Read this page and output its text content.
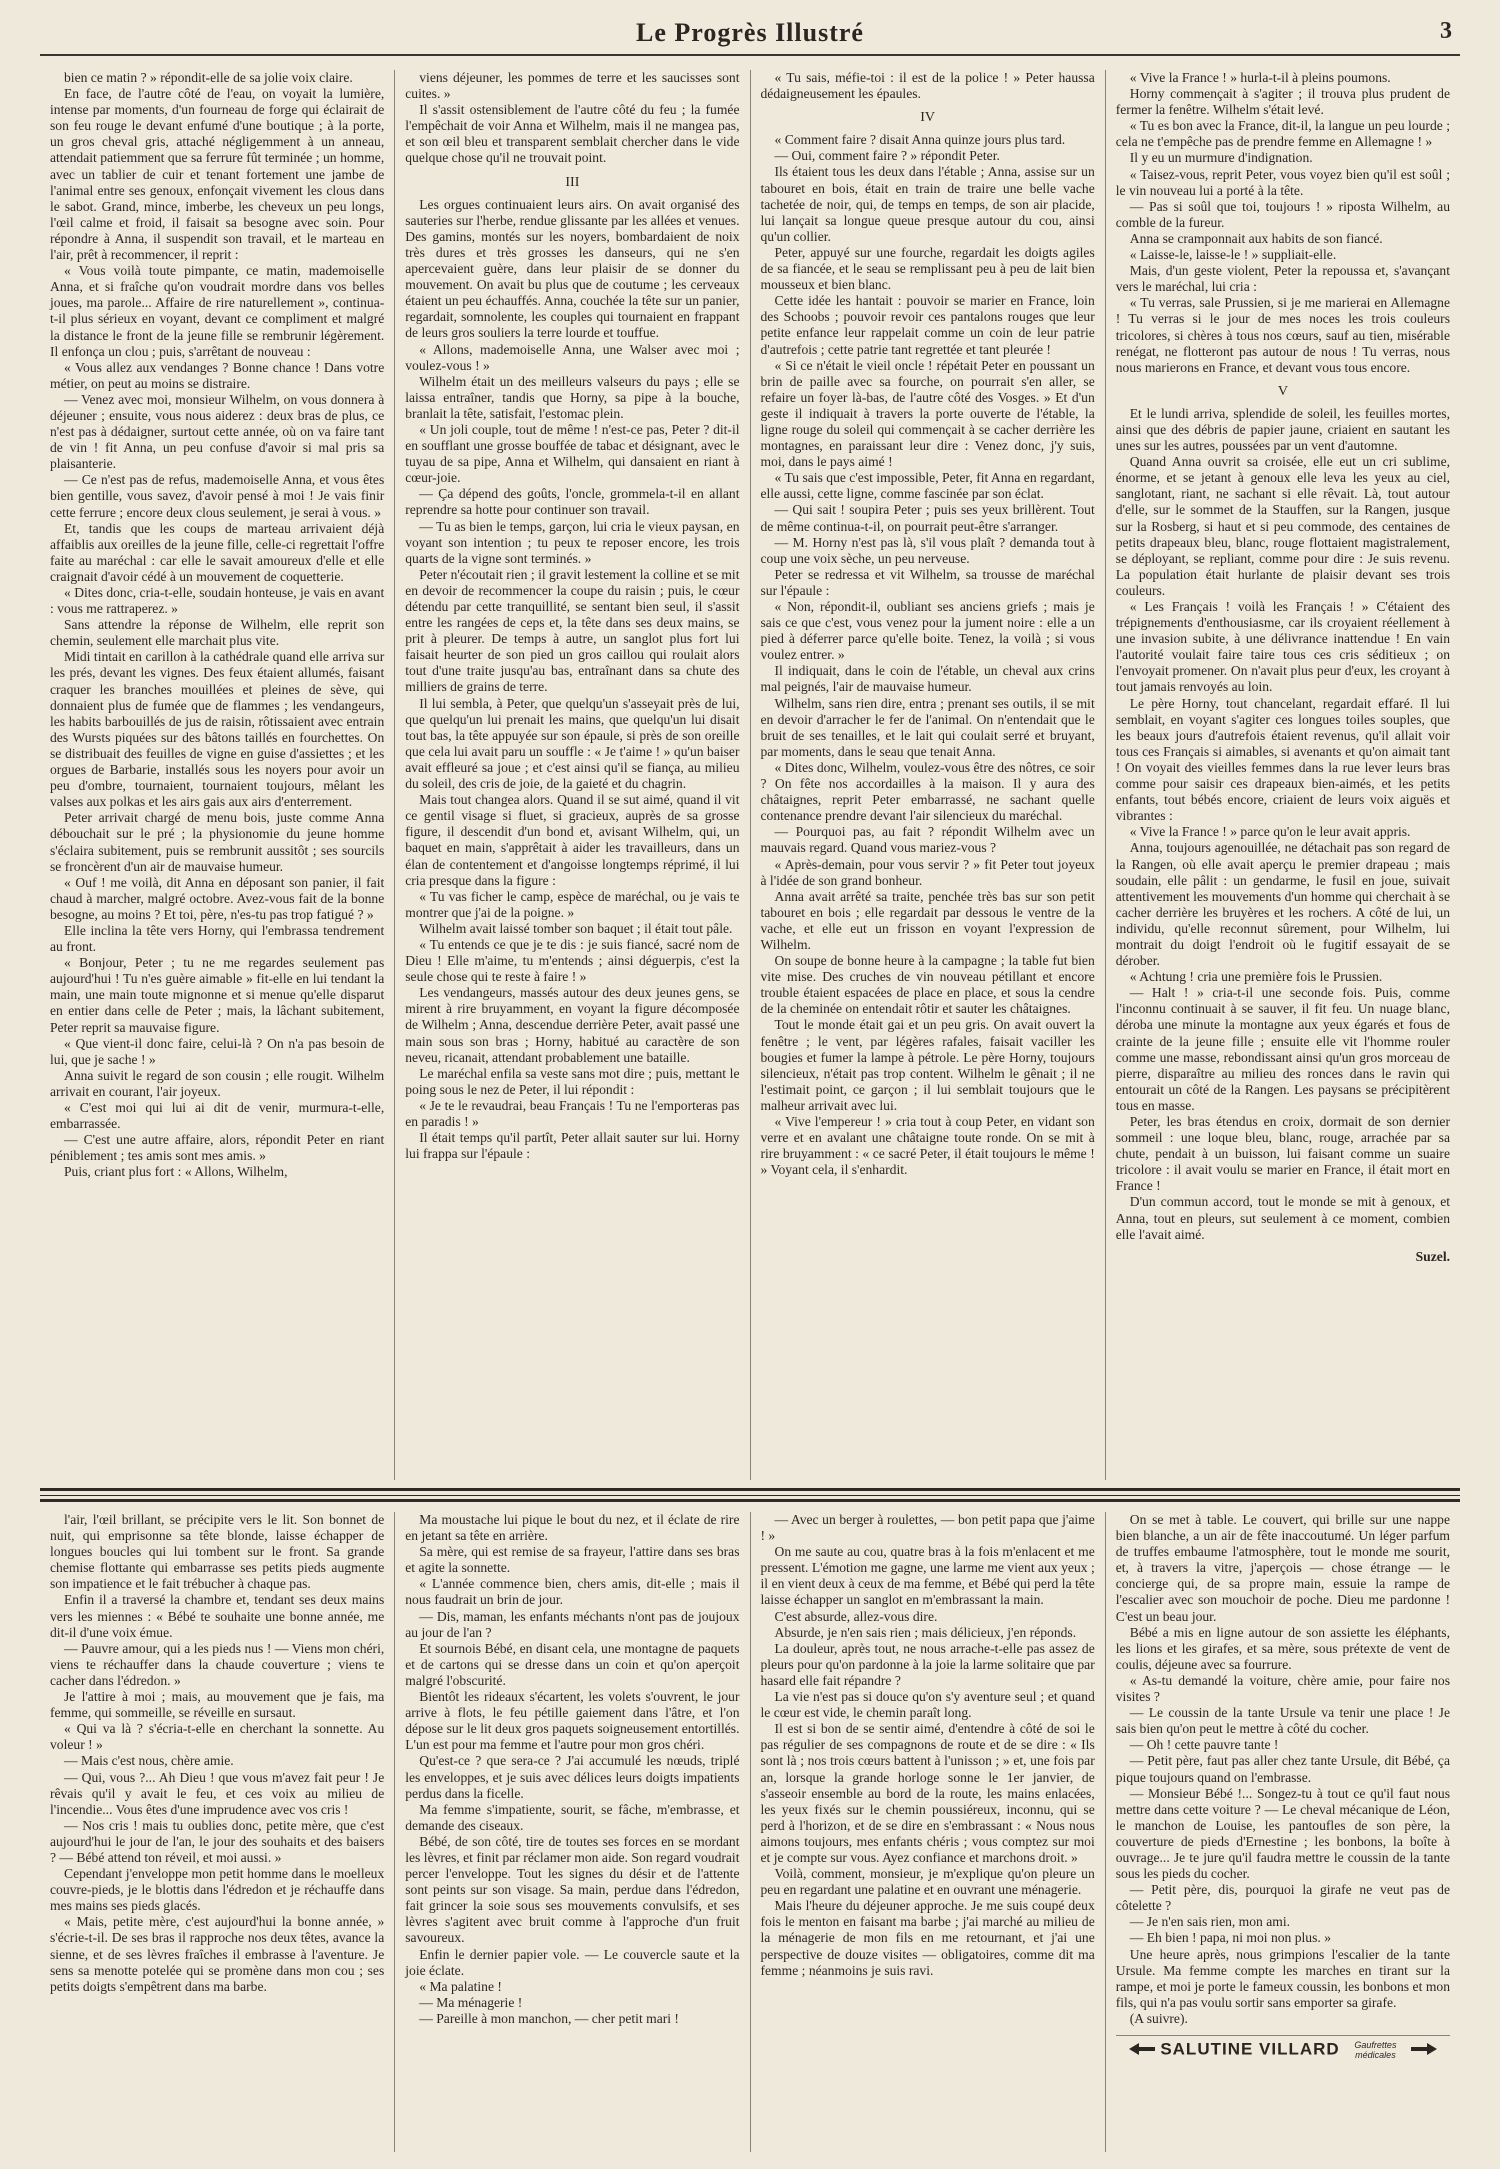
Le Progrès Illustré	3

bien ce matin ? » répondit-elle de sa jolie voix claire.

En face, de l'autre côté de l'eau, on voyait la lumière, intense par moments, d'un fourneau de forge qui éclairait de son feu rouge le devant enfumé d'une boutique ; à la porte, un gros cheval gris, attaché négligemment à un anneau, attendait patiemment que sa ferrure fût terminée ; un homme, avec un tablier de cuir et tenant fortement une jambe de l'animal entre ses genoux, enfonçait vivement les clous dans le sabot. Grand, mince, imberbe, les cheveux un peu longs, l'œil calme et froid, il faisait sa besogne avec soin. Pour répondre à Anna, il suspendit son travail, et le marteau en l'air, prêt à recommencer, il reprit :

« Vous voilà toute pimpante, ce matin, mademoiselle Anna, et si fraîche qu'on voudrait mordre dans vos belles joues, ma parole... Affaire de rire naturellement », continua-t-il plus sérieux en voyant, devant ce compliment et malgré la distance le front de la jeune fille se rembrunir légèrement. Il enfonça un clou ; puis, s'arrêtant de nouveau :

« Vous allez aux vendanges ? Bonne chance ! Dans votre métier, on peut au moins se distraire.

— Venez avec moi, monsieur Wilhelm, on vous donnera à déjeuner ; ensuite, vous nous aiderez : deux bras de plus, ce n'est pas à dédaigner, surtout cette année, où on va faire tant de vin ! fit Anna, un peu confuse d'avoir si mal pris sa plaisanterie.

— Ce n'est pas de refus, mademoiselle Anna, et vous êtes bien gentille, vous savez, d'avoir pensé à moi ! Je vais finir cette ferrure ; encore deux clous seulement, je serai à vous. »

Et, tandis que les coups de marteau arrivaient déjà affaiblis aux oreilles de la jeune fille, celle-ci regrettait l'offre faite au maréchal : car elle le savait amoureux d'elle et elle craignait d'avoir cédé à un mouvement de coquetterie.

« Dites donc, cria-t-elle, soudain honteuse, je vais en avant : vous me rattraperez. »

Sans attendre la réponse de Wilhelm, elle reprit son chemin, seulement elle marchait plus vite.

Midi tintait en carillon à la cathédrale quand elle arriva sur les prés, devant les vignes. Des feux étaient allumés, faisant craquer les branches mouillées et pleines de sève, qui donnaient plus de fumée que de flammes ; les vendangeurs, les habits barbouillés de jus de raisin, rôtissaient avec entrain des Wursts piquées sur des bâtons taillés en fourchettes. On se distribuait des feuilles de vigne en guise d'assiettes ; et les orgues de Barbarie, installés sous les noyers pour avoir un peu d'ombre, tournaient, tournaient toujours, mêlant les valses aux polkas et les airs gais aux airs d'enterrement.

Peter arrivait chargé de menu bois, juste comme Anna débouchait sur le pré ; la physionomie du jeune homme s'éclaira subitement, puis se rembrunit aussitôt ; ses sourcils se froncèrent d'un air de mauvaise humeur.

« Ouf ! me voilà, dit Anna en déposant son panier, il fait chaud à marcher, malgré octobre. Avez-vous fait de la bonne besogne, au moins ? Et toi, père, n'es-tu pas trop fatigué ? »

Elle inclina la tête vers Horny, qui l'embrassa tendrement au front.

« Bonjour, Peter ; tu ne me regardes seulement pas aujourd'hui ! Tu n'es guère aimable » fit-elle en lui tendant la main, une main toute mignonne et si menue qu'elle disparut en entier dans celle de Peter ; mais, la lâchant subitement, Peter reprit sa mauvaise figure.

« Que vient-il donc faire, celui-là ? On n'a pas besoin de lui, que je sache ! »

Anna suivit le regard de son cousin ; elle rougit. Wilhelm arrivait en courant, l'air joyeux.

« C'est moi qui lui ai dit de venir, murmura-t-elle, embarrassée.

— C'est une autre affaire, alors, répondit Peter en riant péniblement ; tes amis sont mes amis. »

Puis, criant plus fort : « Allons, Wilhelm,

viens déjeuner, les pommes de terre et les saucisses sont cuites. »

Il s'assit ostensiblement de l'autre côté du feu ; la fumée l'empêchait de voir Anna et Wilhelm, mais il ne mangea pas, et son œil bleu et transparent semblait chercher dans le vide quelque chose qu'il ne trouvait point.

III

Les orgues continuaient leurs airs. On avait organisé des sauteries sur l'herbe, rendue glissante par les allées et venues. Des gamins, montés sur les noyers, bombardaient de noix très dures et très grosses les danseurs, qui ne s'en apercevaient guère, dans leur plaisir de se donner du mouvement. On avait bu plus que de coutume ; les cerveaux étaient un peu échauffés. Anna, couchée la tête sur un panier, regardait, somnolente, les couples qui tournaient en frappant de leurs gros souliers la terre lourde et touffue.

« Allons, mademoiselle Anna, une Walser avec moi ; voulez-vous ! »

Wilhelm était un des meilleurs valseurs du pays ; elle se laissa entraîner, tandis que Horny, sa pipe à la bouche, branlait la tête, satisfait, l'estomac plein.

« Un joli couple, tout de même ! n'est-ce pas, Peter ? dit-il en soufflant une grosse bouffée de tabac et désignant, avec le tuyau de sa pipe, Anna et Wilhelm, qui dansaient en riant à cœur-joie.

— Ça dépend des goûts, l'oncle, grommela-t-il en allant reprendre sa hotte pour continuer son travail.

— Tu as bien le temps, garçon, lui cria le vieux paysan, en voyant son intention ; tu peux te reposer encore, les trois quarts de la vigne sont terminés. »

Peter n'écoutait rien ; il gravit lestement la colline et se mit en devoir de recommencer la coupe du raisin ; puis, le cœur détendu par cette tranquillité, se sentant bien seul, il s'assit entre les rangées de ceps et, la tête dans ses deux mains, se prit à pleurer. De temps à autre, un sanglot plus fort lui faisait heurter de son pied un gros caillou qui roulait alors tout d'une traite jusqu'au bas, entraînant dans sa chute des milliers de grains de terre.

Il lui sembla, à Peter, que quelqu'un s'asseyait près de lui, que quelqu'un lui prenait les mains, que quelqu'un lui disait tout bas, la tête appuyée sur son épaule, si près de son oreille que cela lui avait paru un souffle : « Je t'aime ! » qu'un baiser avait effleuré sa joue ; et c'est ainsi qu'il se fiança, au milieu du soleil, des cris de joie, de la gaieté et du chagrin.

Mais tout changea alors. Quand il se sut aimé, quand il vit ce gentil visage si fluet, si gracieux, auprès de sa grosse figure, il descendit d'un bond et, avisant Wilhelm, qui, un baquet en main, s'apprêtait à aider les travailleurs, dans un élan de contentement et d'angoisse longtemps réprimé, il lui cria presque dans la figure :

« Tu vas ficher le camp, espèce de maréchal, ou je vais te montrer que j'ai de la poigne. »

Wilhelm avait laissé tomber son baquet ; il était tout pâle.

« Tu entends ce que je te dis : je suis fiancé, sacré nom de Dieu ! Elle m'aime, tu m'entends ; ainsi déguerpis, c'est la seule chose qui te reste à faire ! »

Les vendangeurs, massés autour des deux jeunes gens, se mirent à rire bruyamment, en voyant la figure décomposée de Wilhelm ; Anna, descendue derrière Peter, avait passé une main sous son bras ; Horny, habitué au caractère de son neveu, ricanait, attendant probablement une bataille.

Le maréchal enfila sa veste sans mot dire ; puis, mettant le poing sous le nez de Peter, il lui répondit :

« Je te le revaudrai, beau Français ! Tu ne l'emporteras pas en paradis ! »

Il était temps qu'il partît, Peter allait sauter sur lui. Horny lui frappa sur l'épaule :

« Tu sais, méfie-toi : il est de la police ! » Peter haussa dédaigneusement les épaules.

IV

« Comment faire ? disait Anna quinze jours plus tard.

— Oui, comment faire ? » répondit Peter.

Ils étaient tous les deux dans l'étable ; Anna, assise sur un tabouret en bois, était en train de traire une belle vache tachetée de noir, qui, de temps en temps, de son air placide, lui lançait sa longue queue presque autour du cou, ainsi qu'un collier.

Peter, appuyé sur une fourche, regardait les doigts agiles de sa fiancée, et le seau se remplissant peu à peu de lait bien mousseux et bien blanc.

Cette idée les hantait : pouvoir se marier en France, loin des Schoobs ; pouvoir revoir ces pantalons rouges que leur petite enfance leur rappelait comme un coin de leur patrie d'autrefois ; cette patrie tant regrettée et tant pleurée !

« Si ce n'était le vieil oncle ! répétait Peter en poussant un brin de paille avec sa fourche, on pourrait s'en aller, se refaire un foyer là-bas, de l'autre côté des Vosges. » Et d'un geste il indiquait à travers la porte ouverte de l'étable, la ligne rouge du soleil qui commençait à se cacher derrière les montagnes, en paraissant leur dire : Venez donc, j'y suis, moi, dans le pays aimé !

« Tu sais que c'est impossible, Peter, fit Anna en regardant, elle aussi, cette ligne, comme fascinée par son éclat.

— Qui sait ! soupira Peter ; puis ses yeux brillèrent. Tout de même continua-t-il, on pourrait peut-être s'arranger.

— M. Horny n'est pas là, s'il vous plaît ? demanda tout à coup une voix sèche, un peu nerveuse.

Peter se redressa et vit Wilhelm, sa trousse de maréchal sur l'épaule :

« Non, répondit-il, oubliant ses anciens griefs ; mais je sais ce que c'est, vous venez pour la jument noire : elle a un pied à déferrer parce qu'elle boite. Tenez, la voilà ; si vous voulez entrer. »

Il indiquait, dans le coin de l'étable, un cheval aux crins mal peignés, l'air de mauvaise humeur.

Wilhelm, sans rien dire, entra ; prenant ses outils, il se mit en devoir d'arracher le fer de l'animal. On n'entendait que le bruit de ses tenailles, et le lait qui coulait serré et bruyant, par moments, dans le seau que tenait Anna.

« Dites donc, Wilhelm, voulez-vous être des nôtres, ce soir ? On fête nos accordailles à la maison. Il y aura des châtaignes, reprit Peter embarrassé, ne sachant quelle contenance prendre devant l'air silencieux du maréchal.

— Pourquoi pas, au fait ? répondit Wilhelm avec un mauvais regard. Quand vous mariez-vous ?

« Après-demain, pour vous servir ? » fit Peter tout joyeux à l'idée de son grand bonheur.

Anna avait arrêté sa traite, penchée très bas sur son petit tabouret en bois ; elle regardait par dessous le ventre de la vache, et elle eut un frisson en voyant l'expression de Wilhelm.

On soupe de bonne heure à la campagne ; la table fut bien vite mise. Des cruches de vin nouveau pétillant et encore trouble étaient espacées de place en place, et sous la cendre de la cheminée on entendait rôtir et sauter les châtaignes.

Tout le monde était gai et un peu gris. On avait ouvert la fenêtre ; le vent, par légères rafales, faisait vaciller les bougies et fumer la lampe à pétrole. Le père Horny, toujours silencieux, n'était pas trop content. Wilhelm le gênait ; il ne l'estimait point, ce garçon ; il lui semblait toujours que le malheur arrivait avec lui.

« Vive l'empereur ! » cria tout à coup Peter, en vidant son verre et en avalant une châtaigne toute ronde. On se mit à rire bruyamment : « ce sacré Peter, il était toujours le même ! » Voyant cela, il s'enhardit.

« Vive la France ! » hurla-t-il à pleins poumons.

Horny commençait à s'agiter ; il trouva plus prudent de fermer la fenêtre. Wilhelm s'était levé.

« Tu es bon avec la France, dit-il, la langue un peu lourde ; cela ne t'empêche pas de prendre femme en Allemagne ! »

Il y eu un murmure d'indignation.

« Taisez-vous, reprit Peter, vous voyez bien qu'il est soûl ; le vin nouveau lui a porté à la tête.

— Pas si soûl que toi, toujours ! » riposta Wilhelm, au comble de la fureur.

Anna se cramponnait aux habits de son fiancé.

« Laisse-le, laisse-le ! » suppliait-elle.

Mais, d'un geste violent, Peter la repoussa et, s'avançant vers le maréchal, lui cria :

« Tu verras, sale Prussien, si je me marierai en Allemagne ! Tu verras si le jour de mes noces les trois couleurs tricolores, si chères à tous nos cœurs, sauf au tien, misérable renégat, ne flotteront pas autour de nous ! Tu verras, nous nous marierons en France, et devant vous tous encore.

V

Et le lundi arriva, splendide de soleil, les feuilles mortes, ainsi que des débris de papier jaune, criaient en sautant les unes sur les autres, poussées par un vent d'automne.

Quand Anna ouvrit sa croisée, elle eut un cri sublime, énorme, et se jetant à genoux elle leva les yeux au ciel, sanglotant, riant, ne sachant si elle rêvait. Là, tout autour d'elle, sur le sommet de la Stauffen, sur la Rangen, jusque sur la Rosberg, si haut et si peu commode, des centaines de petits drapeaux bleu, blanc, rouge flottaient magistralement, se déployant, se repliant, comme pour dire : Je suis revenu. La population était hurlante de plaisir devant ses trois couleurs.

« Les Français ! voilà les Français ! » C'étaient des trépignements d'enthousiasme, car ils croyaient réellement à une invasion subite, à une délivrance inattendue ! En vain l'autorité voulait faire taire tous ces cris séditieux ; on l'envoyait promener. On n'avait plus peur d'eux, les croyant à tout jamais renvoyés au loin.

Le père Horny, tout chancelant, regardait effaré. Il lui semblait, en voyant s'agiter ces longues toiles souples, que les beaux jours d'autrefois étaient revenus, qu'il allait voir tous ces Français si aimables, si avenants et qu'on aimait tant ! On voyait des vieilles femmes dans la rue lever leurs bras comme pour saisir ces drapeaux bien-aimés, et les petits enfants, tout bébés encore, criaient de leurs voix aiguës et vibrantes :

« Vive la France ! » parce qu'on le leur avait appris.

Anna, toujours agenouillée, ne détachait pas son regard de la Rangen, où elle avait aperçu le premier drapeau ; mais soudain, elle pâlit : un gendarme, le fusil en joue, suivait attentivement les mouvements d'un homme qui cherchait à se cacher derrière les bruyères et les rochers. A côté de lui, un individu, qu'elle reconnut sûrement, pour Wilhelm, lui montrait du doigt l'endroit où le fugitif essayait de se dérober.

« Achtung ! cria une première fois le Prussien.

— Halt ! » cria-t-il une seconde fois. Puis, comme l'inconnu continuait à se sauver, il fit feu. Un nuage blanc, déroba une minute la montagne aux yeux égarés et fous de crainte de la jeune fille ; ensuite elle vit l'homme rouler comme une masse, rebondissant ainsi qu'un gros morceau de pierre, disparaître au milieu des ronces dans le ravin qui entourait un côté de la Rangen. Les paysans se précipitèrent tous en masse.

Peter, les bras étendus en croix, dormait de son dernier sommeil : une loque bleu, blanc, rouge, arrachée par sa chute, pendait à un buisson, lui faisant comme un suaire tricolore : il avait voulu se marier en France, il était mort en France !

D'un commun accord, tout le monde se mit à genoux, et Anna, tout en pleurs, sut seulement à ce moment, combien elle l'avait aimé.

Suzel.

l'air, l'œil brillant, se précipite vers le lit. Son bonnet de nuit, qui emprisonne sa tête blonde, laisse échapper de longues boucles qui lui tombent sur le front. Sa grande chemise flottante qui embarrasse ses petits pieds augmente son impatience et le fait trébucher à chaque pas.

Enfin il a traversé la chambre et, tendant ses deux mains vers les miennes : « Bébé te souhaite une bonne année, me dit-il d'une voix émue.

— Pauvre amour, qui a les pieds nus ! — Viens mon chéri, viens te réchauffer dans la chaude couverture ; viens te cacher dans l'édredon. »

Je l'attire à moi ; mais, au mouvement que je fais, ma femme, qui sommeille, se réveille en sursaut.

« Qui va là ? s'écria-t-elle en cherchant la sonnette. Au voleur ! »

— Mais c'est nous, chère amie.

— Qui, vous ?... Ah Dieu ! que vous m'avez fait peur ! Je rêvais qu'il y avait le feu, et ces voix au milieu de l'incendie... Vous êtes d'une imprudence avec vos cris !

— Nos cris ! mais tu oublies donc, petite mère, que c'est aujourd'hui le jour de l'an, le jour des souhaits et des baisers ? — Bébé attend ton réveil, et moi aussi. »

Cependant j'enveloppe mon petit homme dans le moelleux couvre-pieds, je le blottis dans l'édredon et je réchauffe dans mes mains ses pieds glacés.

« Mais, petite mère, c'est aujourd'hui la bonne année, » s'écrie-t-il. De ses bras il rapproche nos deux têtes, avance la sienne, et de ses lèvres fraîches il embrasse à l'aventure. Je sens sa menotte potelée qui se promène dans mon cou ; ses petits doigts s'empêtrent dans ma barbe.

Ma moustache lui pique le bout du nez, et il éclate de rire en jetant sa tête en arrière.

Sa mère, qui est remise de sa frayeur, l'attire dans ses bras et agite la sonnette.

« L'année commence bien, chers amis, dit-elle ; mais il nous faudrait un brin de jour.

— Dis, maman, les enfants méchants n'ont pas de joujoux au jour de l'an ?

Et sournois Bébé, en disant cela, une montagne de paquets et de cartons qui se dresse dans un coin et qu'on aperçoit malgré l'obscurité.

Bientôt les rideaux s'écartent, les volets s'ouvrent, le jour arrive à flots, le feu pétille gaiement dans l'âtre, et l'on dépose sur le lit deux gros paquets soigneusement entortillés. L'un est pour ma femme et l'autre pour mon gros chéri.

Qu'est-ce ? que sera-ce ? J'ai accumulé les nœuds, triplé les enveloppes, et je suis avec délices leurs doigts impatients perdus dans la ficelle.

Ma femme s'impatiente, sourit, se fâche, m'embrasse, et demande des ciseaux.

Bébé, de son côté, tire de toutes ses forces en se mordant les lèvres, et finit par réclamer mon aide. Son regard voudrait percer l'enveloppe. Tout les signes du désir et de l'attente sont peints sur son visage. Sa main, perdue dans l'édredon, fait grincer la soie sous ses mouvements convulsifs, et ses lèvres s'agitent avec bruit comme à l'approche d'un fruit savoureux.

Enfin le dernier papier vole. — Le couvercle saute et la joie éclate.

« Ma palatine !

— Ma ménagerie !

— Pareille à mon manchon, — cher petit mari !

— Avec un berger à roulettes, — bon petit papa que j'aime ! »

On me saute au cou, quatre bras à la fois m'enlacent et me pressent. L'émotion me gagne, une larme me vient aux yeux ; il en vient deux à ceux de ma femme, et Bébé qui perd la tête laisse échapper un sanglot en m'embrassant la main.

C'est absurde, allez-vous dire.

Absurde, je n'en sais rien ; mais délicieux, j'en réponds.

La douleur, après tout, ne nous arrache-t-elle pas assez de pleurs pour qu'on pardonne à la joie la larme solitaire que par hasard elle fait répandre ?

La vie n'est pas si douce qu'on s'y aventure seul ; et quand le cœur est vide, le chemin paraît long.

Il est si bon de se sentir aimé, d'entendre à côté de soi le pas régulier de ses compagnons de route et de se dire : « Ils sont là ; nos trois cœurs battent à l'unisson ; » et, une fois par an, lorsque la grande horloge sonne le 1er janvier, de s'asseoir ensemble au bord de la route, les mains enlacées, les yeux fixés sur le chemin poussiéreux, inconnu, qui se perd à l'horizon, et de se dire en s'embrassant : « Nous nous aimons toujours, mes enfants chéris ; vous comptez sur moi et je compte sur vous. Ayez confiance et marchons droit. »

Voilà, comment, monsieur, je m'explique qu'on pleure un peu en regardant une palatine et en ouvrant une ménagerie.

Mais l'heure du déjeuner approche. Je me suis coupé deux fois le menton en faisant ma barbe ; j'ai marché au milieu de la ménagerie de mon fils en me retournant, et j'ai une perspective de douze visites — obligatoires, comme dit ma femme ; néanmoins je suis ravi.

On se met à table. Le couvert, qui brille sur une nappe bien blanche, a un air de fête inaccoutumé. Un léger parfum de truffes embaume l'atmosphère, tout le monde me sourit, et, à travers la vitre, j'aperçois — chose étrange — le concierge qui, de sa propre main, essuie la rampe de l'escalier avec son mouchoir de poche. Dieu me pardonne ! C'est un beau jour.

Bébé a mis en ligne autour de son assiette les éléphants, les lions et les girafes, et sa mère, sous prétexte de vent de coulis, déjeune avec sa fourrure.

« As-tu demandé la voiture, chère amie, pour faire nos visites ?

— Le coussin de la tante Ursule va tenir une place ! Je sais bien qu'on peut le mettre à côté du cocher.

— Oh ! cette pauvre tante !

— Petit père, faut pas aller chez tante Ursule, dit Bébé, ça pique toujours quand on l'embrasse.

— Monsieur Bébé !... Songez-tu à tout ce qu'il faut nous mettre dans cette voiture ? — Le cheval mécanique de Léon, le manchon de Louise, les pantoufles de son père, la couverture de pieds d'Ernestine ; les bonbons, la boîte à ouvrage... Je te jure qu'il faudra mettre le coussin de la tante sous les pieds du cocher.

— Petit père, dis, pourquoi la girafe ne veut pas de côtelette ?

— Je n'en sais rien, mon ami.

— Eh bien ! papa, ni moi non plus. »

Une heure après, nous grimpions l'escalier de la tante Ursule. Ma femme compte les marches en tirant sur la rampe, et moi je porte le fameux coussin, les bonbons et mon fils, qui n'a pas voulu sortir sans emporter sa girafe.

(A suivre).

SALUTINE VILLARD Gaufrettes médicales
